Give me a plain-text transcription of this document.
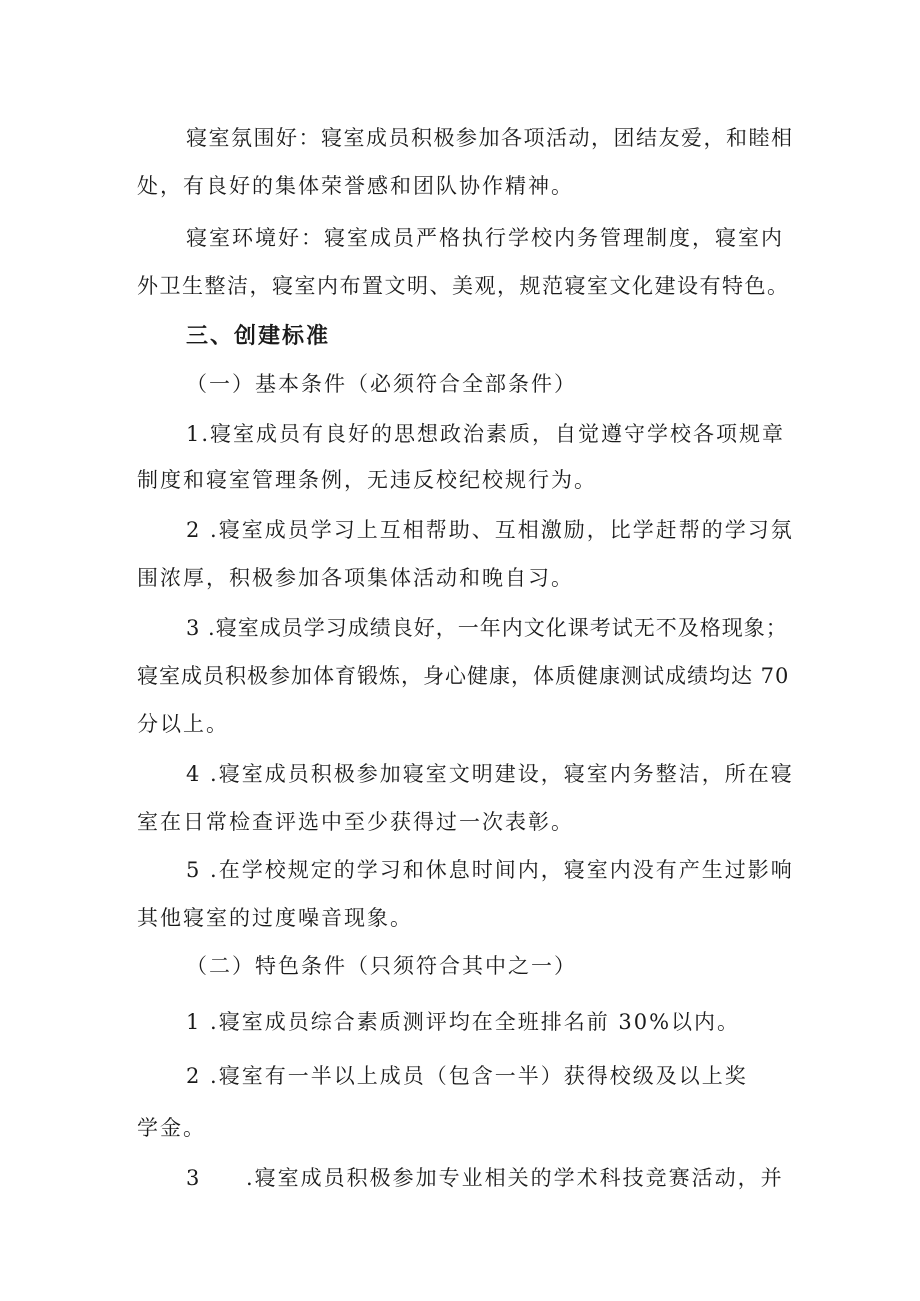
寝室氛围好：寝室成员积极参加各项活动，团结友爱，和睦相
处，有良好的集体荣誉感和团队协作精神。
寝室环境好：寝室成员严格执行学校内务管理制度，寝室内
外卫生整洁，寝室内布置文明、美观，规范寝室文化建设有特色。
三、创建标准
（一）基本条件（必须符合全部条件）
1.寝室成员有良好的思想政治素质，自觉遵守学校各项规章
制度和寝室管理条例，无违反校纪校规行为。
2 .寝室成员学习上互相帮助、互相激励，比学赶帮的学习氛
围浓厚，积极参加各项集体活动和晚自习。
3 .寝室成员学习成绩良好，一年内文化课考试无不及格现象；
寝室成员积极参加体育锻炼，身心健康，体质健康测试成绩均达 70
分以上。
4 .寝室成员积极参加寝室文明建设，寝室内务整洁，所在寝
室在日常检查评选中至少获得过一次表彰。
5 .在学校规定的学习和休息时间内，寝室内没有产生过影响
其他寝室的过度噪音现象。
（二）特色条件（只须符合其中之一）
1 .寝室成员综合素质测评均在全班排名前 30%以内。
2 .寝室有一半以上成员（包含一半）获得校级及以上奖
学金。
3 .寝室成员积极参加专业相关的学术科技竞赛活动，并
